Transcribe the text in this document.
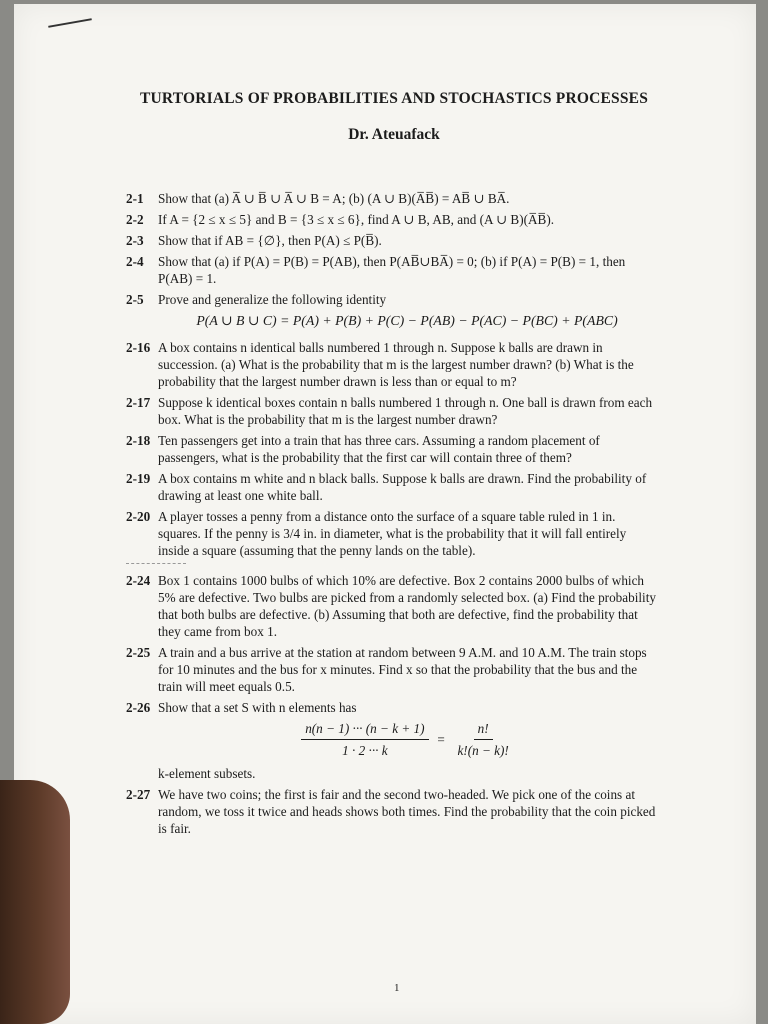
TURTORIALS OF PROBABILITIES AND STOCHASTICS PROCESSES
Dr. Ateuafack
2-1	Show that (a) A̅ ∪ B̅ ∪ A̅ ∪ B = A; (b) (A ∪ B)(A̅B̅) = AB̅ ∪ BA̅.
2-2	If A = {2 ≤ x ≤ 5} and B = {3 ≤ x ≤ 6}, find A ∪ B, AB, and (A ∪ B)(A̅B̅).
2-3	Show that if AB = {∅}, then P(A) ≤ P(B̅).
2-4	Show that (a) if P(A) = P(B) = P(AB), then P(AB̅∪BA̅) = 0; (b) if P(A) = P(B) = 1, then P(AB) = 1.
2-5	Prove and generalize the following identity
P(A ∪ B ∪ C) = P(A) + P(B) + P(C) − P(AB) − P(AC) − P(BC) + P(ABC)
2-16 A box contains n identical balls numbered 1 through n. Suppose k balls are drawn in succession. (a) What is the probability that m is the largest number drawn? (b) What is the probability that the largest number drawn is less than or equal to m?
2-17 Suppose k identical boxes contain n balls numbered 1 through n. One ball is drawn from each box. What is the probability that m is the largest number drawn?
2-18 Ten passengers get into a train that has three cars. Assuming a random placement of passengers, what is the probability that the first car will contain three of them?
2-19 A box contains m white and n black balls. Suppose k balls are drawn. Find the probability of drawing at least one white ball.
2-20 A player tosses a penny from a distance onto the surface of a square table ruled in 1 in. squares. If the penny is 3/4 in. in diameter, what is the probability that it will fall entirely inside a square (assuming that the penny lands on the table).
2-24 Box 1 contains 1000 bulbs of which 10% are defective. Box 2 contains 2000 bulbs of which 5% are defective. Two bulbs are picked from a randomly selected box. (a) Find the probability that both bulbs are defective. (b) Assuming that both are defective, find the probability that they came from box 1.
2-25 A train and a bus arrive at the station at random between 9 A.M. and 10 A.M. The train stops for 10 minutes and the bus for x minutes. Find x so that the probability that the bus and the train will meet equals 0.5.
2-26 Show that a set S with n elements has
$\frac{n(n - 1) \cdot\cdot\cdot (n - k + 1)}{1 \cdot 2 \cdot\cdot\cdot k} = \frac{n!}{k!(n - k)!}$
k-element subsets.
2-27 We have two coins; the first is fair and the second two-headed. We pick one of the coins at random, we toss it twice and heads shows both times. Find the probability that the coin picked is fair.
1
